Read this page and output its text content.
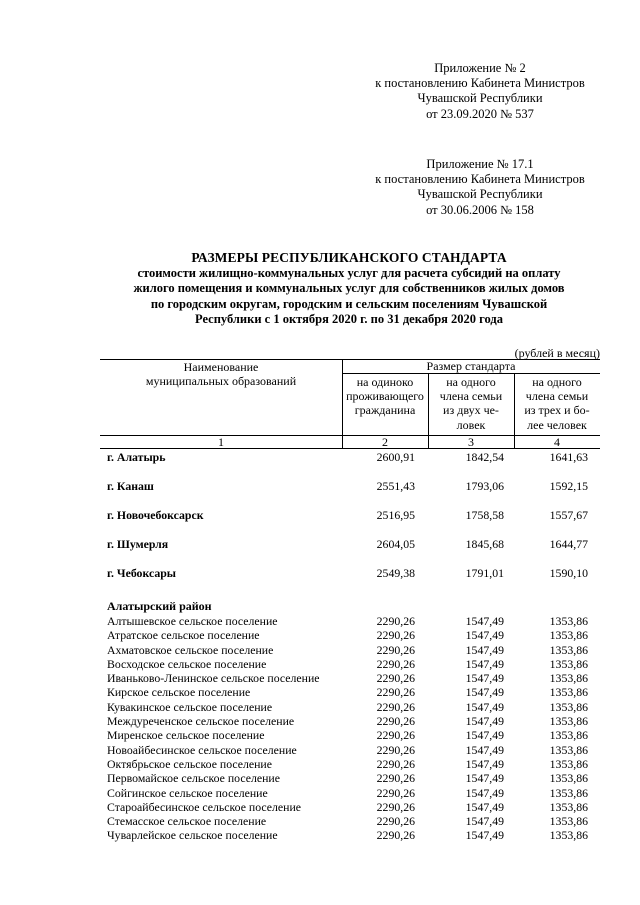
Приложение № 2
к постановлению Кабинета Министров
Чувашской Республики
от 23.09.2020 № 537
Приложение № 17.1
к постановлению Кабинета Министров
Чувашской Республики
от 30.06.2006 № 158
РАЗМЕРЫ РЕСПУБЛИКАНСКОГО СТАНДАРТА
стоимости жилищно-коммунальных услуг для расчета субсидий на оплату
жилого помещения и коммунальных услуг для собственников жилых домов
по городским округам, городским и сельским поселениям Чувашской
Республики с 1 октября 2020 г. по 31 декабря 2020 года
(рублей в месяц)
Наименование
муниципальных образований
Размер стандарта
на одиноко
проживающего
гражданина
на одного
члена семьи
из двух че-
ловек
на одного
члена семьи
из трех и бо-
лее человек
1	2	3	4
г. Алатырь	2600,91	1842,54	1641,63
г. Канаш	2551,43	1793,06	1592,15
г. Новочебоксарск	2516,95	1758,58	1557,67
г. Шумерля	2604,05	1845,68	1644,77
г. Чебоксары	2549,38	1791,01	1590,10
Алатырский район
Алтышевское сельское поселение	2290,26	1547,49	1353,86
Атратское сельское поселение	2290,26	1547,49	1353,86
Ахматовское сельское поселение	2290,26	1547,49	1353,86
Восходское сельское поселение	2290,26	1547,49	1353,86
Иваньково-Ленинское сельское поселение	2290,26	1547,49	1353,86
Кирское сельское поселение	2290,26	1547,49	1353,86
Кувакинское сельское поселение	2290,26	1547,49	1353,86
Междуреченское сельское поселение	2290,26	1547,49	1353,86
Миренское сельское поселение	2290,26	1547,49	1353,86
Новоайбесинское сельское поселение	2290,26	1547,49	1353,86
Октябрьское сельское поселение	2290,26	1547,49	1353,86
Первомайское сельское поселение	2290,26	1547,49	1353,86
Сойгинское сельское поселение	2290,26	1547,49	1353,86
Староайбесинское сельское поселение	2290,26	1547,49	1353,86
Стемасское сельское поселение	2290,26	1547,49	1353,86
Чуварлейское сельское поселение	2290,26	1547,49	1353,86
